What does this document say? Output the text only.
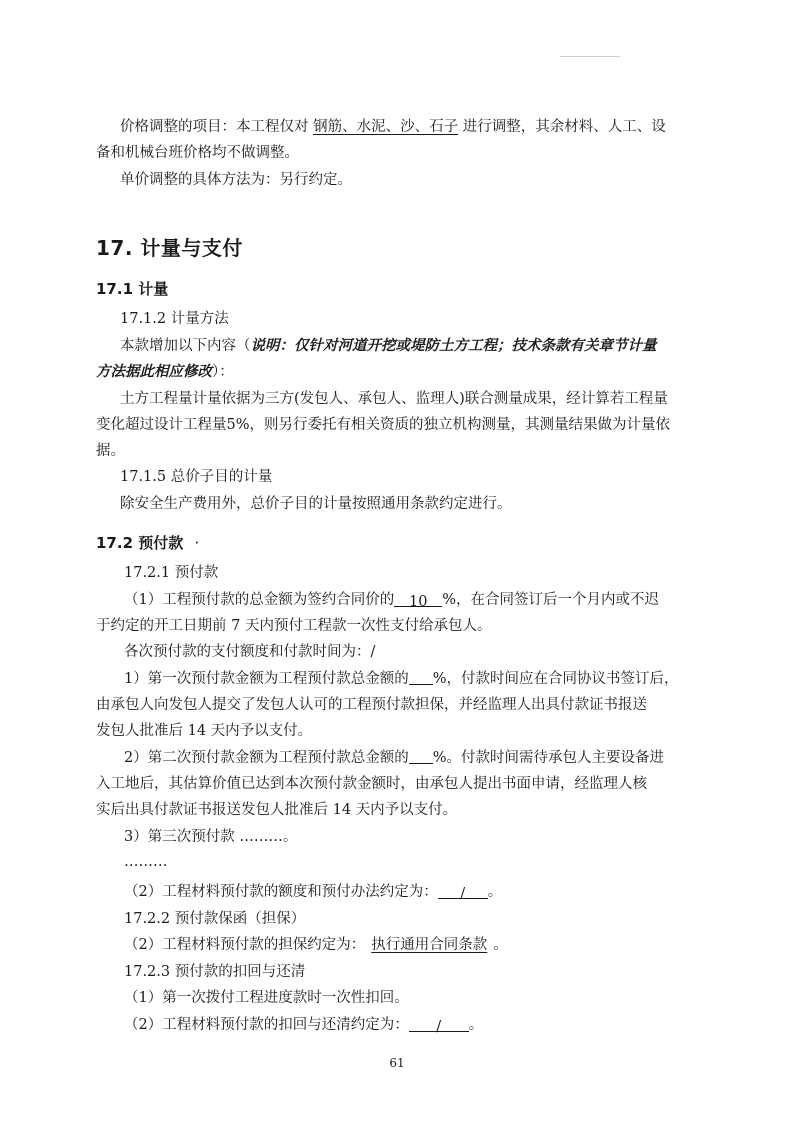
价格调整的项目：本工程仅对 钢筋、水泥、沙、石子 进行调整，其余材料、人工、设
备和机械台班价格均不做调整。
单价调整的具体方法为：另行约定。
17. 计量与支付
17.1 计量
17.1.2 计量方法
本款增加以下内容（说明：仅针对河道开挖或堤防土方工程；技术条款有关章节计量
方法据此相应修改）：
土方工程量计量依据为三方(发包人、承包人、监理人)联合测量成果，经计算若工程量
变化超过设计工程量5%，则另行委托有相关资质的独立机构测量，其测量结果做为计量依
据。
17.1.5 总价子目的计量
除安全生产费用外，总价子目的计量按照通用条款约定进行。
17.2 预付款 ·
17.2.1 预付款
（1）工程预付款的总金额为签约合同价的 10 %，在合同签订后一个月内或不迟
于约定的开工日期前 7 天内预付工程款一次性支付给承包人。
各次预付款的支付额度和付款时间为：/
1）第一次预付款金额为工程预付款总金额的 %，付款时间应在合同协议书签订后，
由承包人向发包人提交了发包人认可的工程预付款担保，并经监理人出具付款证书报送
发包人批准后 14 天内予以支付。
2）第二次预付款金额为工程预付款总金额的 %。付款时间需待承包人主要设备进
入工地后，其估算价值已达到本次预付款金额时，由承包人提出书面申请，经监理人核
实后出具付款证书报送发包人批准后 14 天内予以支付。
3）第三次预付款 ………。
………
（2）工程材料预付款的额度和预付办法约定为： / 。
17.2.2 预付款保函（担保）
（2）工程材料预付款的担保约定为： 执行通用合同条款 。
17.2.3 预付款的扣回与还清
（1）第一次拨付工程进度款时一次性扣回。
（2）工程材料预付款的扣回与还清约定为： / 。
61
